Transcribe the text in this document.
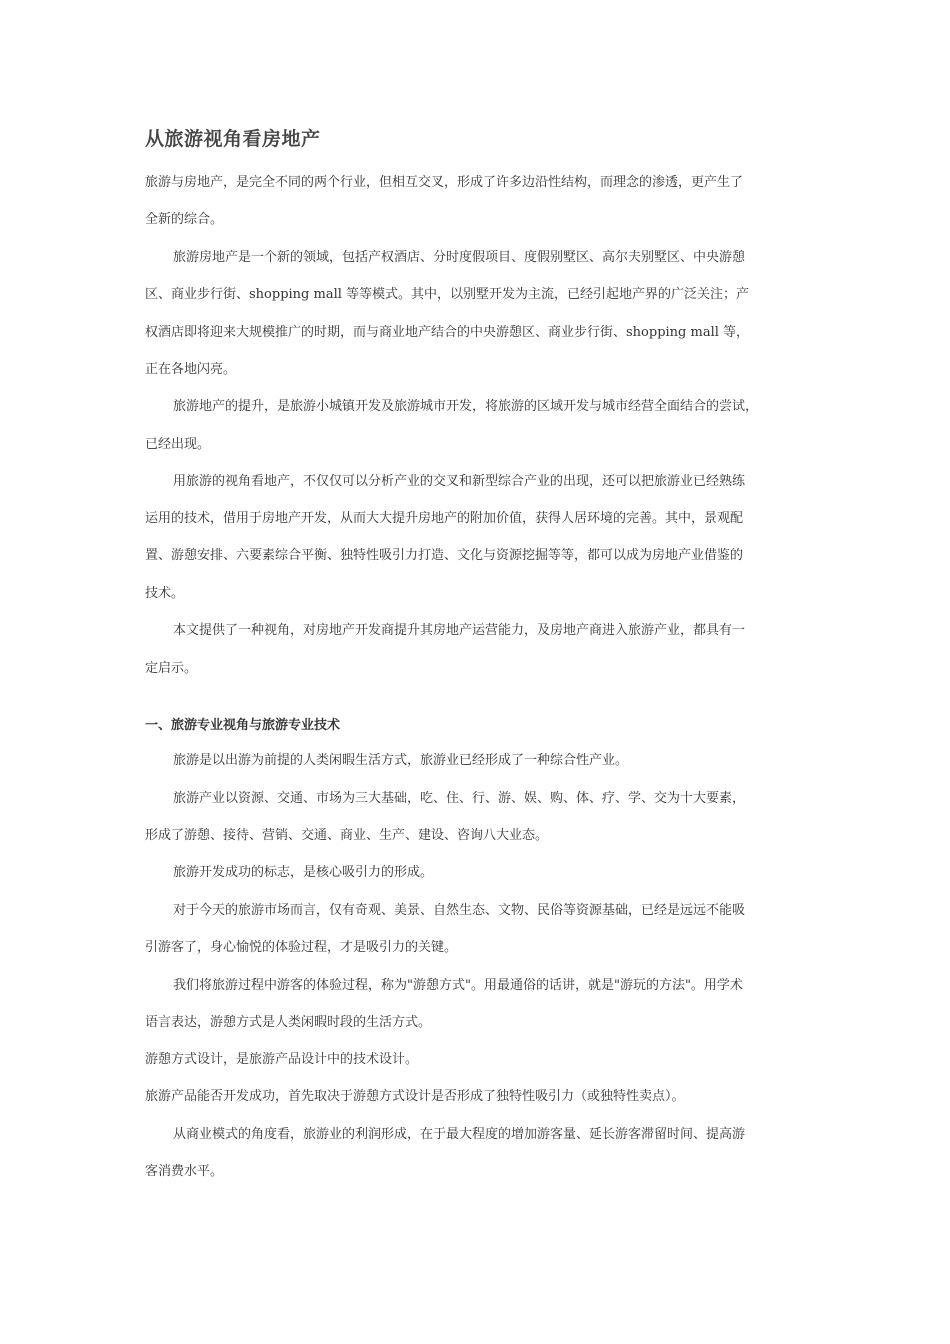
从旅游视角看房地产
旅游与房地产，是完全不同的两个行业，但相互交叉，形成了许多边沿性结构，而理念的渗透，更产生了
全新的综合。
旅游房地产是一个新的领域，包括产权酒店、分时度假项目、度假别墅区、高尔夫别墅区、中央游憩
区、商业步行街、shopping mall 等等模式。其中，以别墅开发为主流，已经引起地产界的广泛关注；产
权酒店即将迎来大规模推广的时期，而与商业地产结合的中央游憩区、商业步行街、shopping mall 等，
正在各地闪亮。
旅游地产的提升，是旅游小城镇开发及旅游城市开发，将旅游的区域开发与城市经营全面结合的尝试，
已经出现。
用旅游的视角看地产，不仅仅可以分析产业的交叉和新型综合产业的出现，还可以把旅游业已经熟练
运用的技术，借用于房地产开发，从而大大提升房地产的附加价值，获得人居环境的完善。其中，景观配
置、游憩安排、六要素综合平衡、独特性吸引力打造、文化与资源挖掘等等，都可以成为房地产业借鉴的
技术。
本文提供了一种视角，对房地产开发商提升其房地产运营能力，及房地产商进入旅游产业，都具有一
定启示。
一、旅游专业视角与旅游专业技术
旅游是以出游为前提的人类闲暇生活方式，旅游业已经形成了一种综合性产业。
旅游产业以资源、交通、市场为三大基础，吃、住、行、游、娱、购、体、疗、学、交为十大要素，
形成了游憩、接待、营销、交通、商业、生产、建设、咨询八大业态。
旅游开发成功的标志，是核心吸引力的形成。
对于今天的旅游市场而言，仅有奇观、美景、自然生态、文物、民俗等资源基础，已经是远远不能吸
引游客了，身心愉悦的体验过程，才是吸引力的关键。
我们将旅游过程中游客的体验过程，称为"游憩方式"。用最通俗的话讲，就是"游玩的方法"。用学术
语言表达，游憩方式是人类闲暇时段的生活方式。
游憩方式设计，是旅游产品设计中的技术设计。
旅游产品能否开发成功，首先取决于游憩方式设计是否形成了独特性吸引力（或独特性卖点）。
从商业模式的角度看，旅游业的利润形成，在于最大程度的增加游客量、延长游客滞留时间、提高游
客消费水平。
